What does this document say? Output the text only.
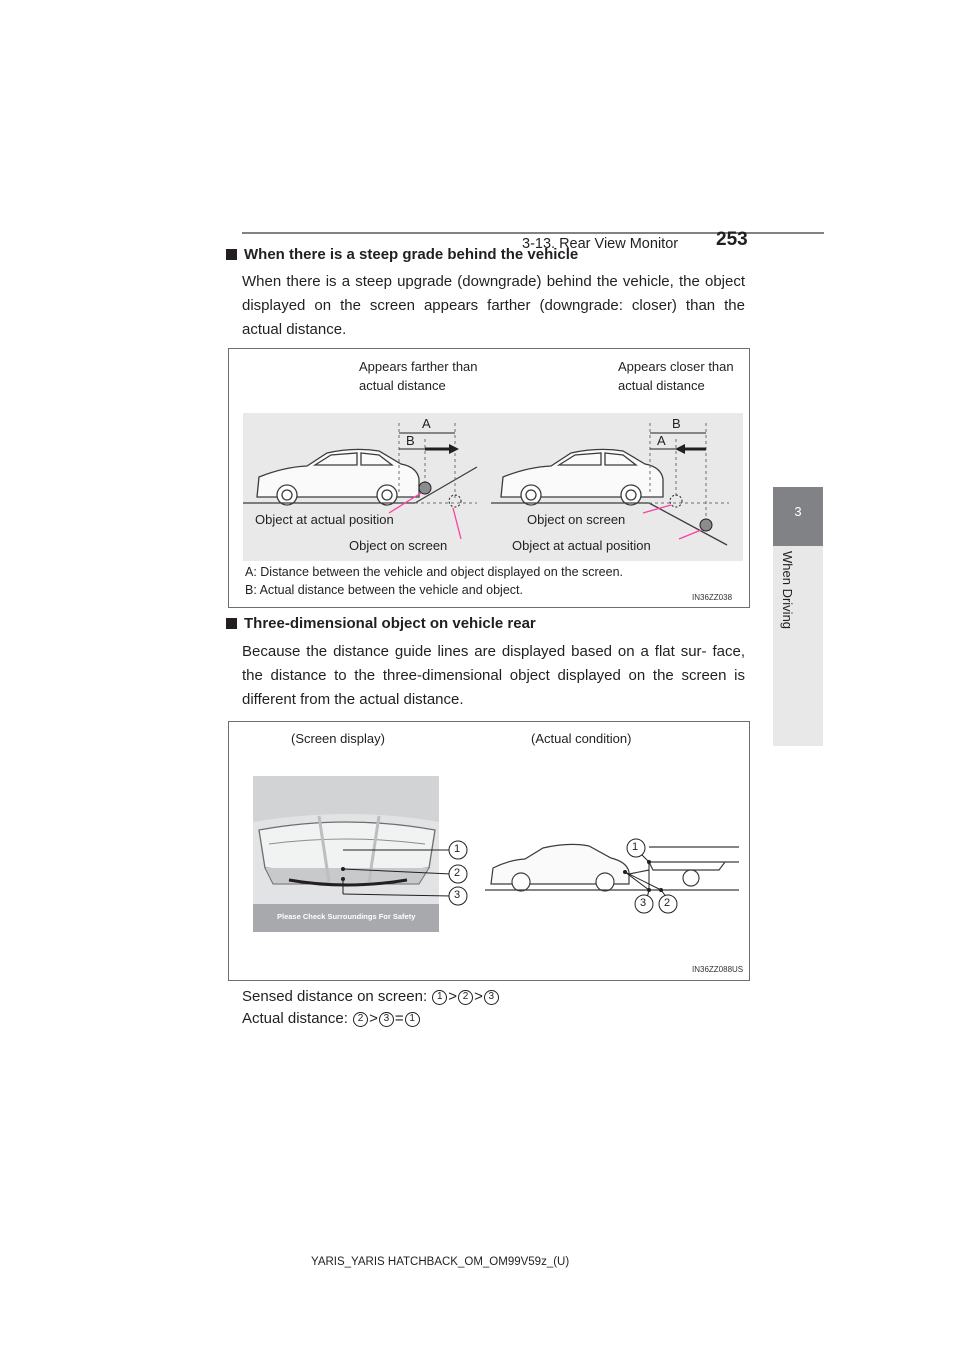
3-13. Rear View Monitor 253
3
When Driving
When there is a steep grade behind the vehicle
When there is a steep upgrade (downgrade) behind the vehicle, the object displayed on the screen appears farther (downgrade: closer) than the actual distance.
Appears farther than actual distance
Appears closer than actual distance
A
B
B
A
Object at actual position
Object on screen
Object on screen
Object at actual position
A: Distance between the vehicle and object displayed on the screen.
B: Actual distance between the vehicle and object.
IN36ZZ038
Three-dimensional object on vehicle rear
Because the distance guide lines are displayed based on a flat sur- face, the distance to the three-dimensional object displayed on the screen is different from the actual distance.
(Screen display)	(Actual condition)
Please Check Surroundings For Safety
1
2
3
1
3 2
IN36ZZ088US
Sensed distance on screen: 1 > 2 > 3
Actual distance: 2 > 3 = 1
YARIS_YARIS HATCHBACK_OM_OM99V59z_(U)
